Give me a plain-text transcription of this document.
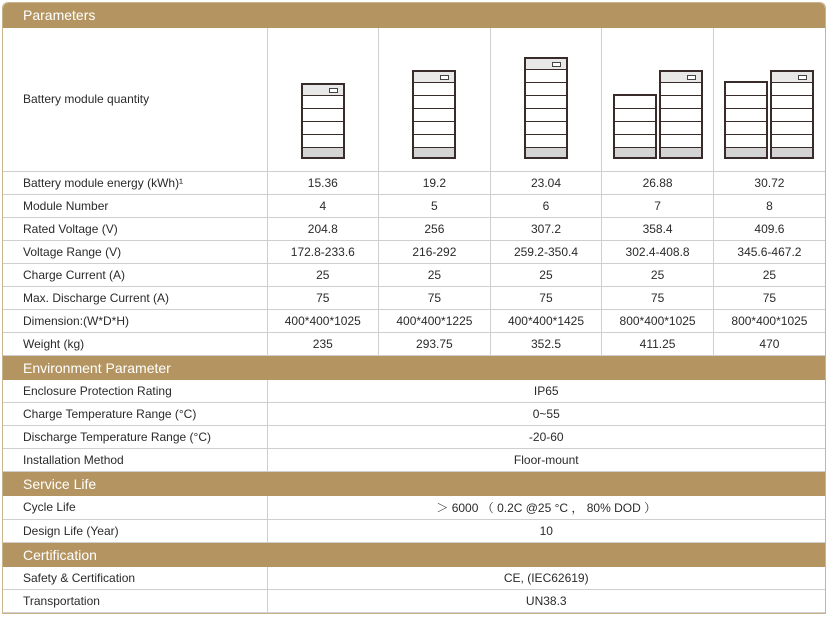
Parameters
Battery module quantity	

Battery module energy (kWh)¹	15.36	19.2	23.04	26.88	30.72
Module Number	4	5	6	7	8
Rated Voltage (V)	204.8	256	307.2	358.4	409.6
Voltage Range (V)	172.8-233.6	216-292	259.2-350.4	302.4-408.8	345.6-467.2
Charge Current (A)	25	25	25	25	25
Max. Discharge Current (A)	75	75	75	75	75
Dimension:(W*D*H)	400*400*1025	400*400*1225	400*400*1425	800*400*1025	800*400*1025
Weight (kg)	235	293.75	352.5	411.25	470
Environment Parameter
Enclosure Protection Rating	IP65
Charge Temperature Range (°C)	0~55
Discharge Temperature Range (°C)	-20-60
Installation Method	Floor-mount
Service Life
Cycle Life	＞ 6000 （ 0.2C @25 °C ， 80% DOD ）
Design Life (Year)	10
Certification
Safety & Certification	CE, (IEC62619)
Transportation	UN38.3
